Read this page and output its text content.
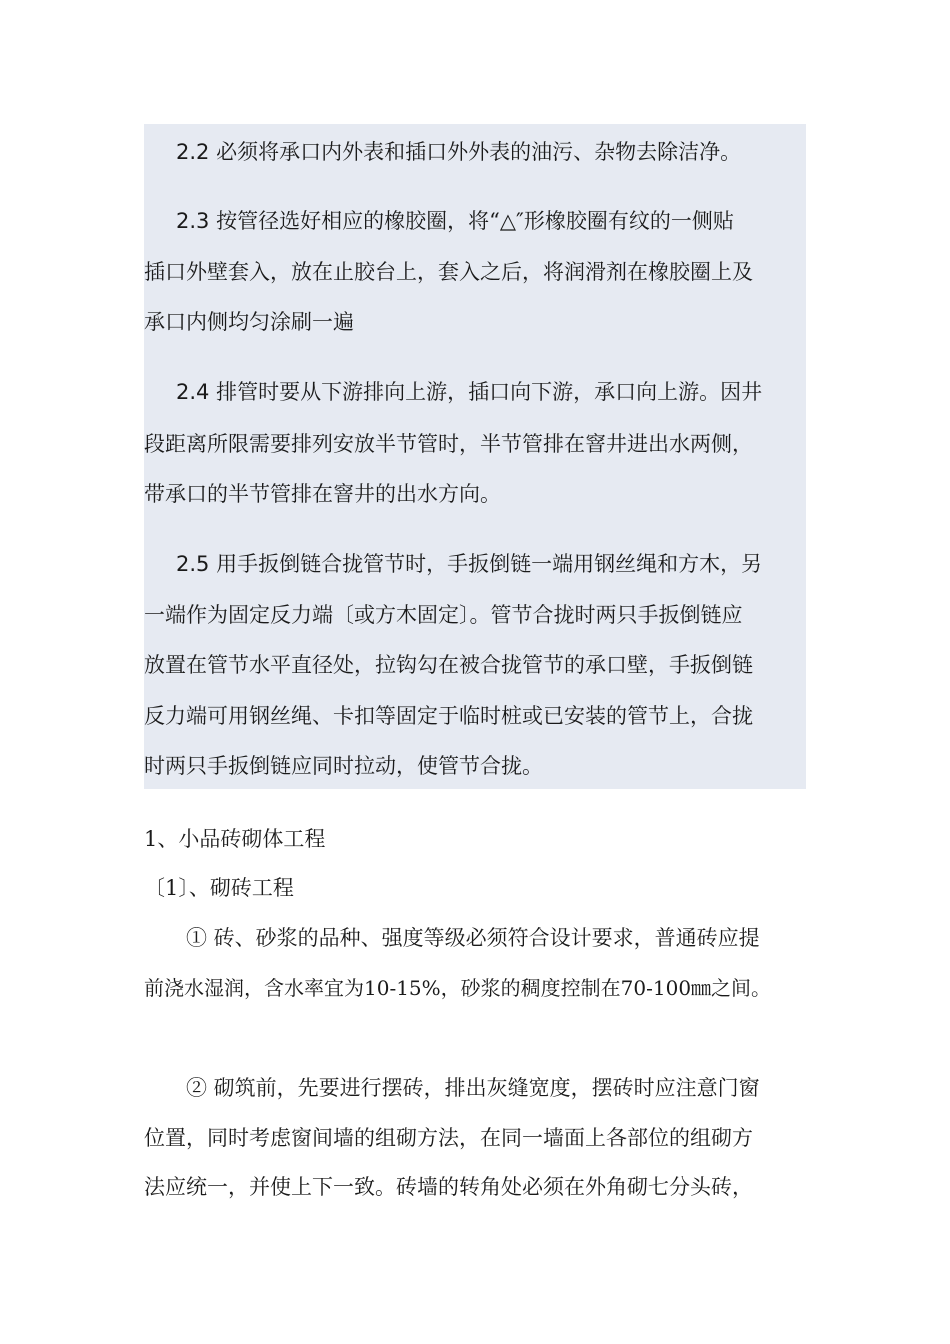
2.2 必须将承口内外表和插口外外表的油污、杂物去除洁净。
2.3 按管径选好相应的橡胶圈，将“△″形橡胶圈有纹的一侧贴
插口外壁套入，放在止胶台上，套入之后，将润滑剂在橡胶圈上及
承口内侧均匀涂刷一遍
2.4 排管时要从下游排向上游，插口向下游，承口向上游。因井
段距离所限需要排列安放半节管时，半节管排在窨井进出水两侧，
带承口的半节管排在窨井的出水方向。
2.5 用手扳倒链合拢管节时，手扳倒链一端用钢丝绳和方木，另
一端作为固定反力端〔或方木固定〕。管节合拢时两只手扳倒链应
放置在管节水平直径处，拉钩勾在被合拢管节的承口壁，手扳倒链
反力端可用钢丝绳、卡扣等固定于临时桩或已安装的管节上，合拢
时两只手扳倒链应同时拉动，使管节合拢。
1、小品砖砌体工程
〔1〕、砌砖工程
① 砖、砂浆的品种、强度等级必须符合设计要求，普通砖应提
前浇水湿润，含水率宜为10-15%，砂浆的稠度控制在70-100㎜之间。
② 砌筑前，先要进行摆砖，排出灰缝宽度，摆砖时应注意门窗
位置，同时考虑窗间墙的组砌方法，在同一墙面上各部位的组砌方
法应统一，并使上下一致。砖墙的转角处必须在外角砌七分头砖，
